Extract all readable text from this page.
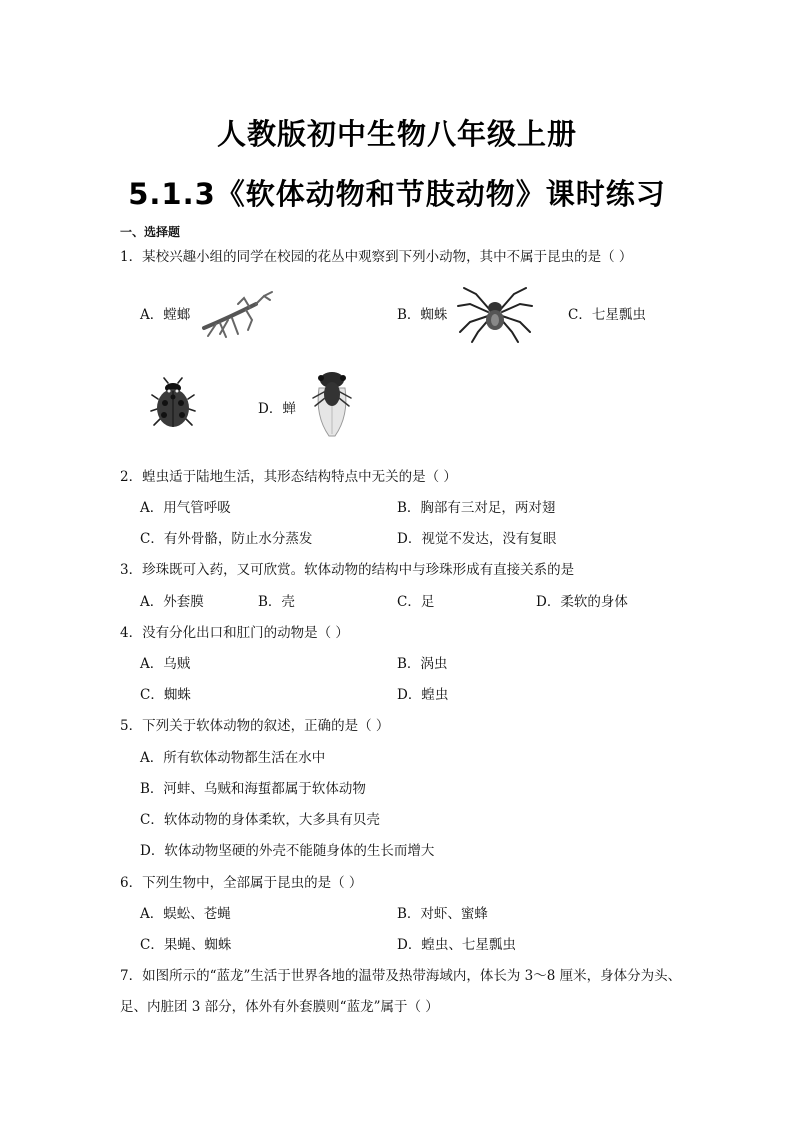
人教版初中生物八年级上册
5.1.3《软体动物和节肢动物》课时练习
一、选择题
1．某校兴趣小组的同学在校园的花丛中观察到下列小动物，其中不属于昆虫的是（ ）
A．螳螂	B．蜘蛛	C．七星瓢虫
D．蝉
2．蝗虫适于陆地生活，其形态结构特点中无关的是（ ）
A．用气管呼吸	B．胸部有三对足，两对翅
C．有外骨骼，防止水分蒸发	D．视觉不发达，没有复眼
3．珍珠既可入药，又可欣赏。软体动物的结构中与珍珠形成有直接关系的是
A．外套膜	B．壳	C．足	D．柔软的身体
4．没有分化出口和肛门的动物是（ ）
A．乌贼	B．涡虫
C．蜘蛛	D．蝗虫
5．下列关于软体动物的叙述，正确的是（ ）
A．所有软体动物都生活在水中
B．河蚌、乌贼和海蜇都属于软体动物
C．软体动物的身体柔软，大多具有贝壳
D．软体动物坚硬的外壳不能随身体的生长而增大
6．下列生物中，全部属于昆虫的是（ ）
A．蜈蚣、苍蝇	B．对虾、蜜蜂
C．果蝇、蜘蛛	D．蝗虫、七星瓢虫
7．如图所示的“蓝龙”生活于世界各地的温带及热带海域内，体长为 3～8 厘米，身体分为头、
足、内脏团 3 部分，体外有外套膜则“蓝龙”属于（ ）
